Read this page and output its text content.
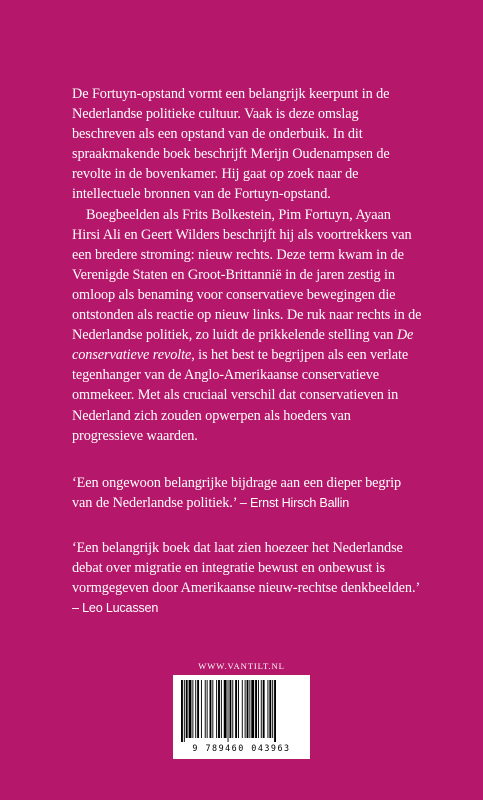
De Fortuyn-opstand vormt een belangrijk keerpunt in de Nederlandse politieke cultuur. Vaak is deze omslag beschreven als een opstand van de onderbuik. In dit spraakmakende boek beschrijft Merijn Oudenampsen de revolte in de bovenkamer. Hij gaat op zoek naar de intellectuele bronnen van de Fortuyn-opstand.

Boegbeelden als Frits Bolkestein, Pim Fortuyn, Ayaan Hirsi Ali en Geert Wilders beschrijft hij als voortrekkers van een bredere stroming: nieuw rechts. Deze term kwam in de Verenigde Staten en Groot-Brittannië in de jaren zestig in omloop als benaming voor conservatieve bewegingen die ontstonden als reactie op nieuw links. De ruk naar rechts in de Nederlandse politiek, zo luidt de prikkelende stelling van De conservatieve revolte, is het best te begrijpen als een verlate tegenhanger van de Anglo-Amerikaanse conservatieve ommekeer. Met als cruciaal verschil dat conservatieven in Nederland zich zouden opwerpen als hoeders van progressieve waarden.

‘Een ongewoon belangrijke bijdrage aan een dieper begrip van de Nederlandse politiek.’ – Ernst Hirsch Ballin
‘Een belangrijk boek dat laat zien hoezeer het Nederlandse debat over migratie en integratie bewust en onbewust is vormgegeven door Amerikaanse nieuw-rechtse denkbeelden.’ – Leo Lucassen
WWW.VANTILT.NL
9 789460 043963
